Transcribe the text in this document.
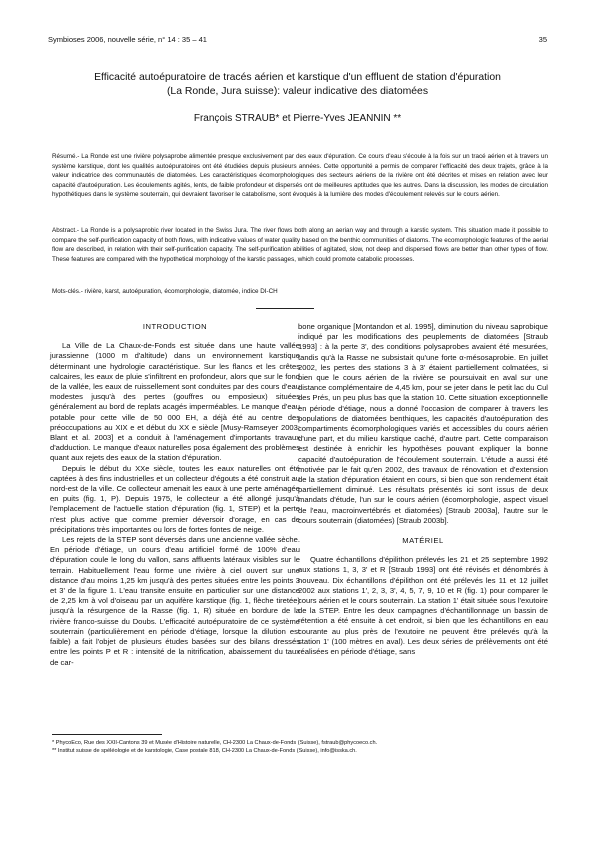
Symbioses 2006, nouvelle série, n° 14 : 35 – 41	35
Efficacité autoépuratoire de tracés aérien et karstique d'un effluent de station d'épuration
(La Ronde, Jura suisse): valeur indicative des diatomées
François STRAUB* et Pierre-Yves JEANNIN **

Résumé.- La Ronde est une rivière polysaprobe alimentée presque exclusivement par des eaux d'épuration. Ce cours d'eau s'écoule à la fois sur un tracé aérien et à travers un système karstique, dont les qualités autoépuratoires ont été étudiées depuis plusieurs années. Cette opportunité a permis de comparer l'efficacité des deux trajets, grâce à la valeur indicatrice des communautés de diatomées. Les caractéristiques écomorphologiques des secteurs aériens de la rivière ont été décrites et mises en relation avec leur capacité d'autoépuration. Les écoulements agités, lents, de faible profondeur et dispersés ont de meilleures aptitudes que les autres. Dans la discussion, les modes de circulation hypothétiques dans le système souterrain, qui devraient favoriser le catabolisme, sont évoqués à la lumière des modes d'écoulement relevés sur le cours aérien.

Abstract.- La Ronde is a polysaprobic river located in the Swiss Jura. The river flows both along an aerian way and through a karstic system. This situation made it possible to compare the self-purification capacity of both flows, with indicative values of water quality based on the benthic communities of diatoms. The ecomorphologic features of the aerial flow are described, in relation with their self-purification capacity. The self-purification abilities of agitated, slow, not deep and dispersed flows are better than other types of flow. These features are compared with the hypothetical morphology of the karstic passages, which could promote catabolic processes.

Mots-clés.- rivière, karst, autoépuration, écomorphologie, diatomée, indice DI-CH

INTRODUCTION

La Ville de La Chaux-de-Fonds est située dans une haute vallée jurassienne (1000 m d'altitude) dans un environnement karstique déterminant une hydrologie caractéristique. Sur les flancs et les crêtes calcaires, les eaux de pluie s'infiltrent en profondeur, alors que sur le fond de la vallée, les eaux de ruissellement sont conduites par des cours d'eau modestes jusqu'à des pertes (gouffres ou emposieux) situées généralement au bord de replats acagés imperméables. Le manque d'eau potable pour cette ville de 50 000 EH, a déjà été au centre des préoccupations au XIX e et début du XX e siècle [Musy-Ramseyer 2003; Blant et al. 2003] et a conduit à l'aménagement d'importants travaux d'adduction. Le manque d'eaux naturelles posa également des problèmes quant aux rejets des eaux de la station d'épuration.

Depuis le début du XXe siècle, toutes les eaux naturelles ont été captées à des fins industrielles et un collecteur d'égouts a été construit au nord-est de la ville. Ce collecteur amenait les eaux à une perte aménagée en puits (fig. 1, P). Depuis 1975, le collecteur a été allongé jusqu'à l'emplacement de l'actuelle station d'épuration (fig. 1, STEP) et la perte n'est plus active que comme premier déversoir d'orage, en cas de précipitations très importantes ou lors de fortes fontes de neige.

Les rejets de la STEP sont déversés dans une ancienne vallée sèche. En période d'étiage, un cours d'eau artificiel formé de 100% d'eau d'épuration coule le long du vallon, sans affluents latéraux visibles sur le terrain. Habituellement l'eau forme une rivière à ciel ouvert sur une distance d'au moins 1,25 km jusqu'à des pertes situées entre les points 3 et 3' de la figure 1. L'eau transite ensuite en particulier sur une distance de 2,25 km à vol d'oiseau par un aquifère karstique (fig. 1, flèche tiretée) jusqu'à la résurgence de la Rasse (fig. 1, R) située en bordure de la rivière franco-suisse du Doubs. L'efficacité autoépuratoire de ce système souterrain (particulièrement en période d'étiage, lorsque la dilution est faible) a fait l'objet de plusieurs études basées sur des bilans dressés entre les points P et R : intensité de la nitrification, abaissement du taux de car-

bone organique [Montandon et al. 1995], diminution du niveau saprobique indiqué par les modifications des peuplements de diatomées [Straub 1993] : à la perte 3', des conditions polysaprobes avaient été mesurées, tandis qu'à la Rasse ne subsistait qu'une forte α-mésosaprobie. En juillet 2002, les pertes des stations 3 à 3' étaient partiellement colmatées, si bien que le cours aérien de la rivière se poursuivait en aval sur une distance complémentaire de 4,45 km, pour se jeter dans le petit lac du Cul des Prés, un peu plus bas que la station 10. Cette situation exceptionnelle en période d'étiage, nous a donné l'occasion de comparer à travers les populations de diatomées benthiques, les capacités d'autoépuration des compartiments écomorphologiques variés et accessibles du cours aérien d'une part, et du milieu karstique caché, d'autre part. Cette comparaison est destinée à enrichir les hypothèses pouvant expliquer la bonne capacité d'autoépuration de l'écoulement souterrain. L'étude a aussi été motivée par le fait qu'en 2002, des travaux de rénovation et d'extension de la station d'épuration étaient en cours, si bien que son rendement était partiellement diminué. Les résultats présentés ici sont issus de deux mandats d'étude, l'un sur le cours aérien (écomorphologie, aspect visuel de l'eau, macroinvertébrés et diatomées) [Straub 2003a], l'autre sur le cours souterrain (diatomées) [Straub 2003b].

MATÉRIEL

Quatre échantillons d'épilithon prélevés les 21 et 25 septembre 1992 aux stations 1, 3, 3' et R [Straub 1993] ont été révisés et dénombrés à nouveau. Dix échantillons d'épilithon ont été prélevés les 11 et 12 juillet 2002 aux stations 1', 2, 3, 3', 4, 5, 7, 9, 10 et R (fig. 1) pour comparer le cours aérien et le cours souterrain. La station 1' était située sous l'exutoire de la STEP. Entre les deux campagnes d'échantillonnage un bassin de rétention a été ensuite à cet endroit, si bien que les échantillons en eau courante au plus près de l'exutoire ne peuvent être prélevés qu'à la station 1' (100 mètres en aval). Les deux séries de prélèvements ont été réalisées en période d'étiage, sans

* PhycoEco, Rue des XXII-Cantons 39 et Musée d'Histoire naturelle, CH-2300 La Chaux-de-Fonds (Suisse), fstraub@phycoeco.ch.

** Institut suisse de spéléologie et de karstologie, Case postale 818, CH-2300 La Chaux-de-Fonds (Suisse), info@isska.ch.
